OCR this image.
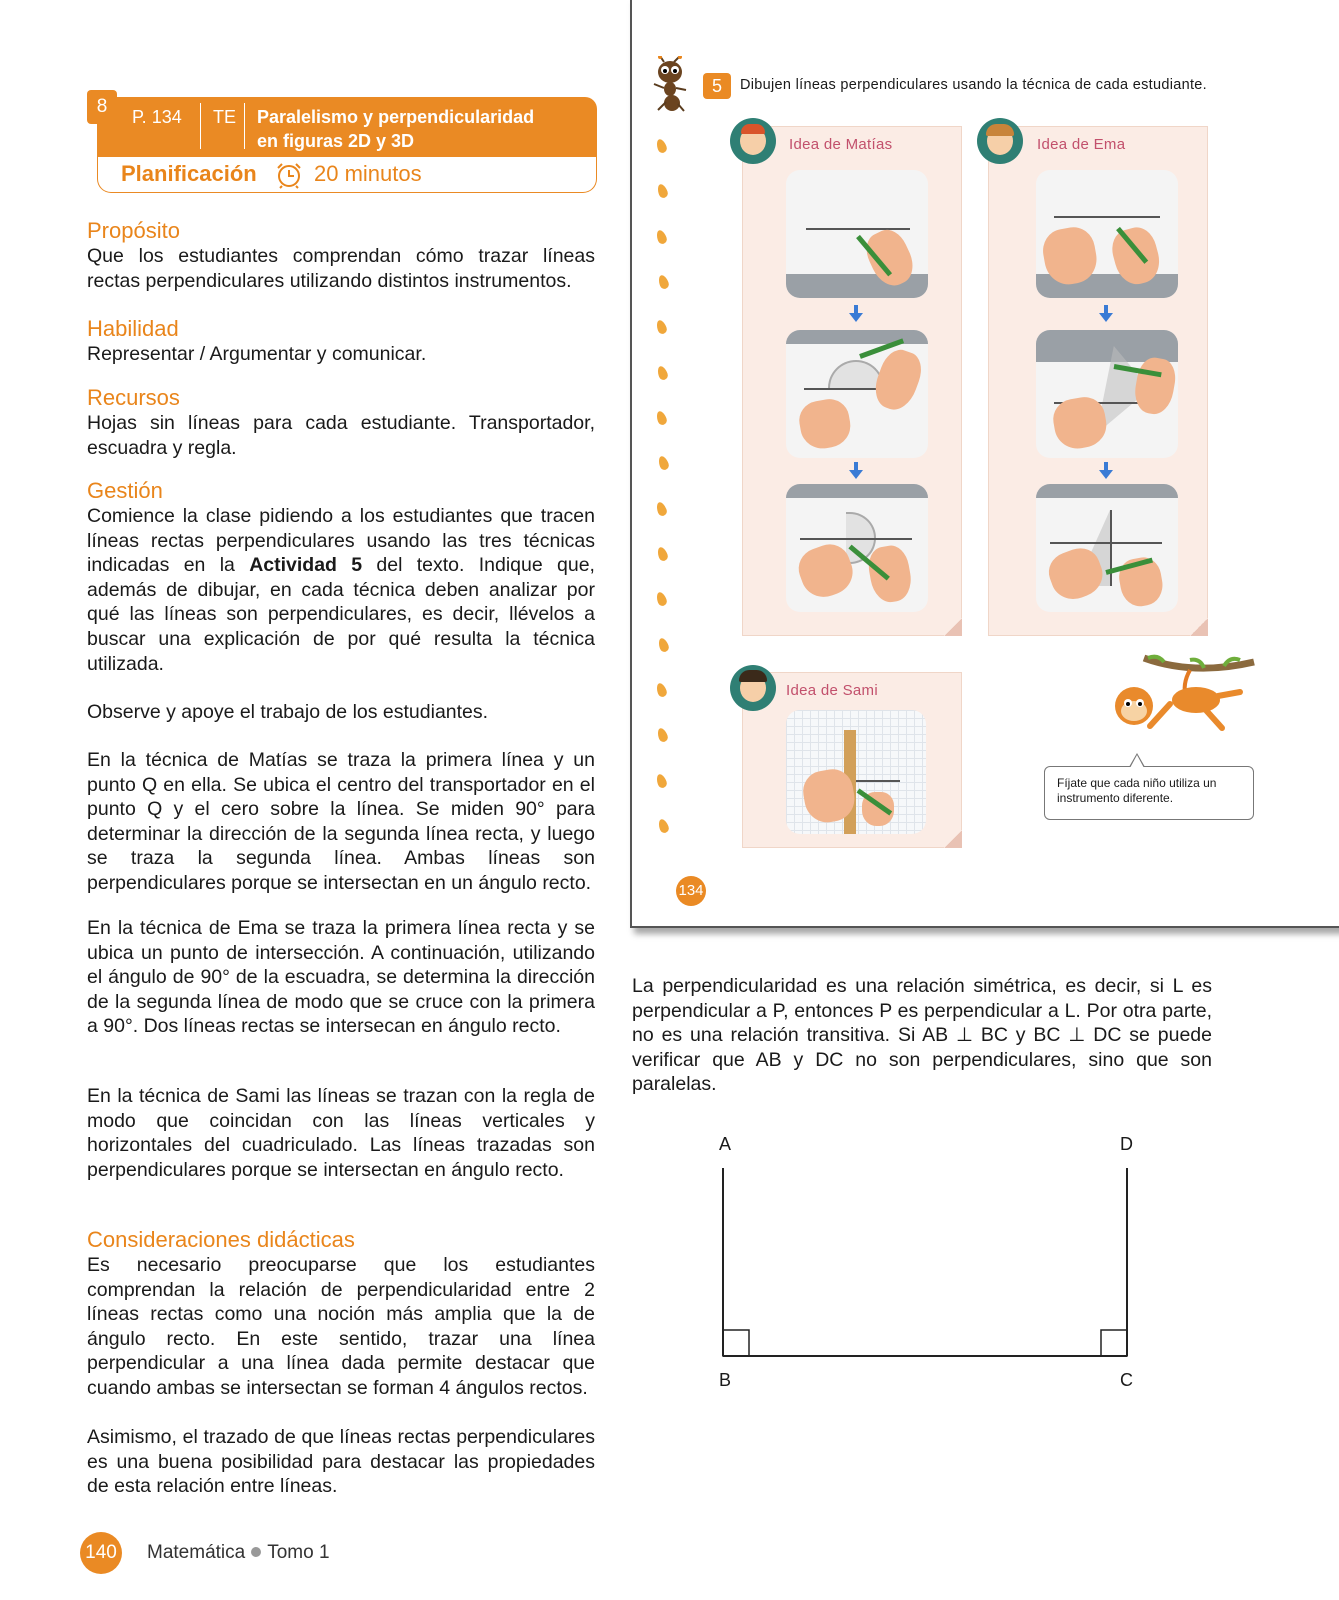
8	P. 134 TE Paralelismo y perpendicularidad
en figuras 2D y 3D
Planificación	20 minutos
Propósito
Que los estudiantes comprendan cómo trazar líneas rectas perpendiculares utilizando distintos instrumentos.
Habilidad
Representar / Argumentar y comunicar.
Recursos
Hojas sin líneas para cada estudiante. Transportador, escuadra y regla.
Gestión
Comience la clase pidiendo a los estudiantes que tracen líneas rectas perpendiculares usando las tres técnicas indicadas en la Actividad 5 del texto. Indique que, además de dibujar, en cada técnica deben analizar por qué las líneas son perpendiculares, es decir, llévelos a buscar una explicación de por qué resulta la técnica utilizada.
Observe y apoye el trabajo de los estudiantes.
En la técnica de Matías se traza la primera línea y un punto Q en ella. Se ubica el centro del transportador en el punto Q y el cero sobre la línea. Se miden 90° para determinar la dirección de la segunda línea recta, y luego se traza la segunda línea. Ambas líneas son perpendiculares porque se intersectan en un ángulo recto.
En la técnica de Ema se traza la primera línea recta y se ubica un punto de intersección. A continuación, utilizando el ángulo de 90° de la escuadra, se determina la dirección de la segunda línea de modo que se cruce con la primera a 90°. Dos líneas rectas se intersecan en ángulo recto.
En la técnica de Sami las líneas se trazan con la regla de modo que coincidan con las líneas verticales y horizontales del cuadriculado. Las líneas trazadas son perpendiculares porque se intersectan en ángulo recto.
Consideraciones didácticas
Es necesario preocuparse que los estudiantes comprendan la relación de perpendicularidad entre 2 líneas rectas como una noción más amplia que la de ángulo recto. En este sentido, trazar una línea perpendicular a una línea dada permite destacar que cuando ambas se intersectan se forman 4 ángulos rectos.
Asimismo, el trazado de que líneas rectas perpendiculares es una buena posibilidad para destacar las propiedades de esta relación entre líneas.
5	Dibujen líneas perpendiculares usando la técnica de cada estudiante.
Idea de Matías	Idea de Ema
Idea de Sami
Fíjate que cada niño utiliza un instrumento diferente.
134
La perpendicularidad es una relación simétrica, es decir, si L es perpendicular a P, entonces P es perpendicular a L. Por otra parte, no es una relación transitiva. Si AB ⊥ BC y BC ⊥ DC se puede verificar que AB y DC no son perpendiculares, sino que son paralelas.
A	D
B	C
140 Matemática Tomo 1
